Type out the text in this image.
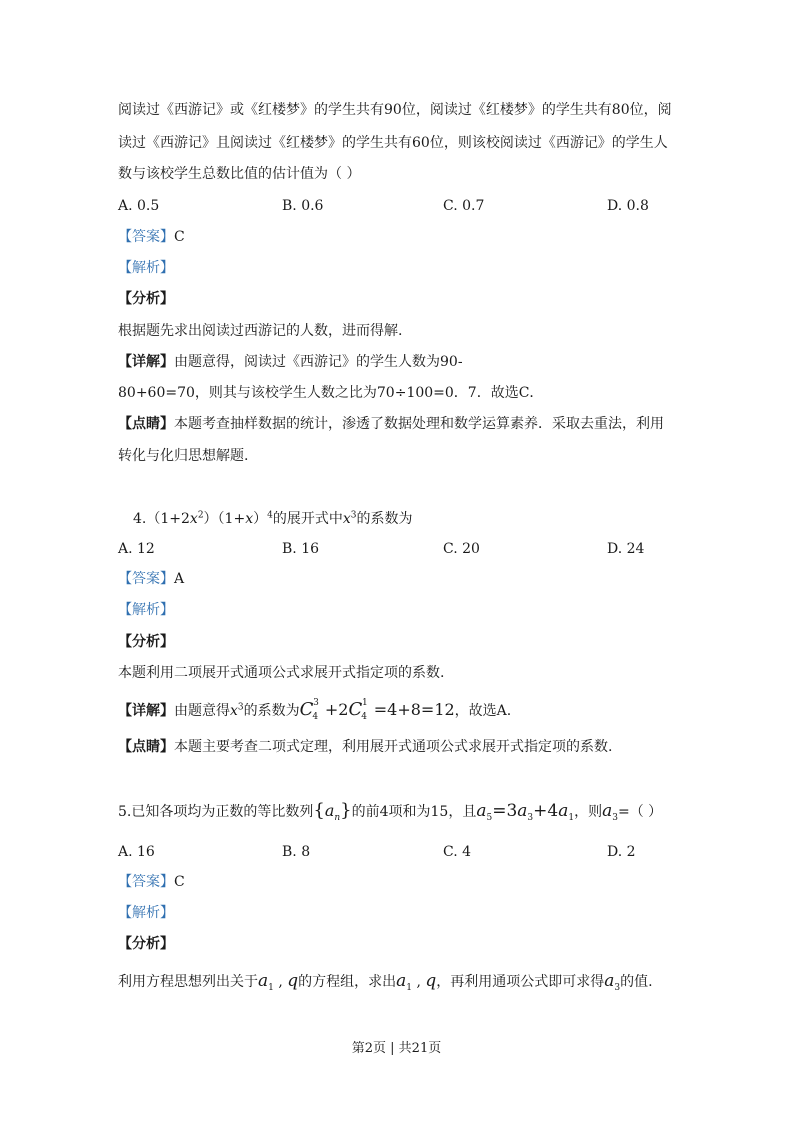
阅读过《西游记》或《红楼梦》的学生共有90位，阅读过《红楼梦》的学生共有80位，阅
读过《西游记》且阅读过《红楼梦》的学生共有60位，则该校阅读过《西游记》的学生人
数与该校学生总数比值的估计值为（ ）
A. 0.5	B. 0.6	C. 0.7	D. 0.8
【答案】C
【解析】
【分析】
根据题先求出阅读过西游记的人数，进而得解.
【详解】由题意得，阅读过《西游记》的学生人数为90-
80+60=70，则其与该校学生人数之比为70÷100=0．7．故选C．
【点睛】本题考查抽样数据的统计，渗透了数据处理和数学运算素养．采取去重法，利用
转化与化归思想解题.
$4.(1+2x^2)(1+x)^4$的展开式中$x^3$的系数为
A. 12	B. 16	C. 20	D. 24
【答案】A
【解析】
【分析】
本题利用二项展开式通项公式求展开式指定项的系数.
【详解】由题意得$x^3$的系数为$C_4^3 +2C_4^1 =4+8=12$，故选A.
【点睛】本题主要考查二项式定理，利用展开式通项公式求展开式指定项的系数.
5.已知各项均为正数的等比数列$\{a_n\}$的前4项和为15，且$a_5=3a_3+4a_1$，则$a_3=$（ ）
A. 16	B. 8	C. 4	D. 2
【答案】C
【解析】
【分析】
利用方程思想列出关于$a_1$ , q的方程组，求出$a_1$ , q，再利用通项公式即可求得$a_3$的值.
第2页 | 共21页
